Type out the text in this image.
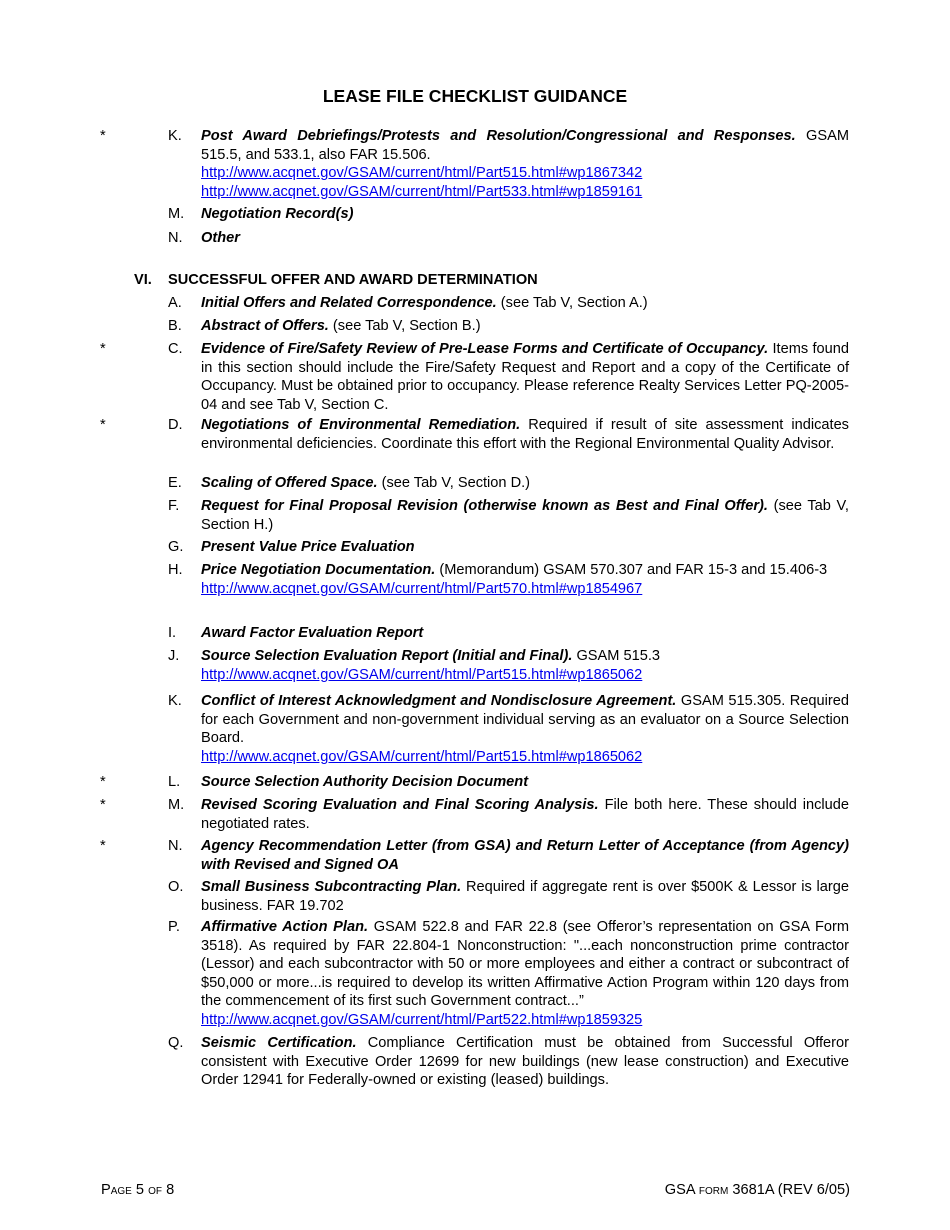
LEASE FILE CHECKLIST GUIDANCE
*	K. Post Award Debriefings/Protests and Resolution/Congressional and Responses. GSAM 515.5, and 533.1, also FAR 15.506.
http://www.acqnet.gov/GSAM/current/html/Part515.html#wp1867342
http://www.acqnet.gov/GSAM/current/html/Part533.html#wp1859161
M. Negotiation Record(s)
N. Other
VI. SUCCESSFUL OFFER AND AWARD DETERMINATION
A. Initial Offers and Related Correspondence. (see Tab V, Section A.)
B. Abstract of Offers. (see Tab V, Section B.)
*	C. Evidence of Fire/Safety Review of Pre-Lease Forms and Certificate of Occupancy. Items found in this section should include the Fire/Safety Request and Report and a copy of the Certificate of Occupancy. Must be obtained prior to occupancy. Please reference Realty Services Letter PQ-2005-04 and see Tab V, Section C.
*	D. Negotiations of Environmental Remediation. Required if result of site assessment indicates environmental deficiencies. Coordinate this effort with the Regional Environmental Quality Advisor.
E. Scaling of Offered Space. (see Tab V, Section D.)
F. Request for Final Proposal Revision (otherwise known as Best and Final Offer). (see Tab V, Section H.)
G. Present Value Price Evaluation
H. Price Negotiation Documentation. (Memorandum) GSAM 570.307 and FAR 15-3 and 15.406-3
http://www.acqnet.gov/GSAM/current/html/Part570.html#wp1854967
I. Award Factor Evaluation Report
J. Source Selection Evaluation Report (Initial and Final). GSAM 515.3
http://www.acqnet.gov/GSAM/current/html/Part515.html#wp1865062
K. Conflict of Interest Acknowledgment and Nondisclosure Agreement. GSAM 515.305. Required for each Government and non-government individual serving as an evaluator on a Source Selection Board.
http://www.acqnet.gov/GSAM/current/html/Part515.html#wp1865062
*	L. Source Selection Authority Decision Document
*	M. Revised Scoring Evaluation and Final Scoring Analysis. File both here. These should include negotiated rates.
*	N. Agency Recommendation Letter (from GSA) and Return Letter of Acceptance (from Agency) with Revised and Signed OA
O. Small Business Subcontracting Plan. Required if aggregate rent is over $500K & Lessor is large business. FAR 19.702
P. Affirmative Action Plan. GSAM 522.8 and FAR 22.8 (see Offeror’s representation on GSA Form 3518). As required by FAR 22.804-1 Nonconstruction: "...each nonconstruction prime contractor (Lessor) and each subcontractor with 50 or more employees and either a contract or subcontract of $50,000 or more...is required to develop its written Affirmative Action Program within 120 days from the commencement of its first such Government contract...”
http://www.acqnet.gov/GSAM/current/html/Part522.html#wp1859325
Q. Seismic Certification. Compliance Certification must be obtained from Successful Offeror consistent with Executive Order 12699 for new buildings (new lease construction) and Executive Order 12941 for Federally-owned or existing (leased) buildings.
Page 5 of 8	GSA form 3681A (REV 6/05)
